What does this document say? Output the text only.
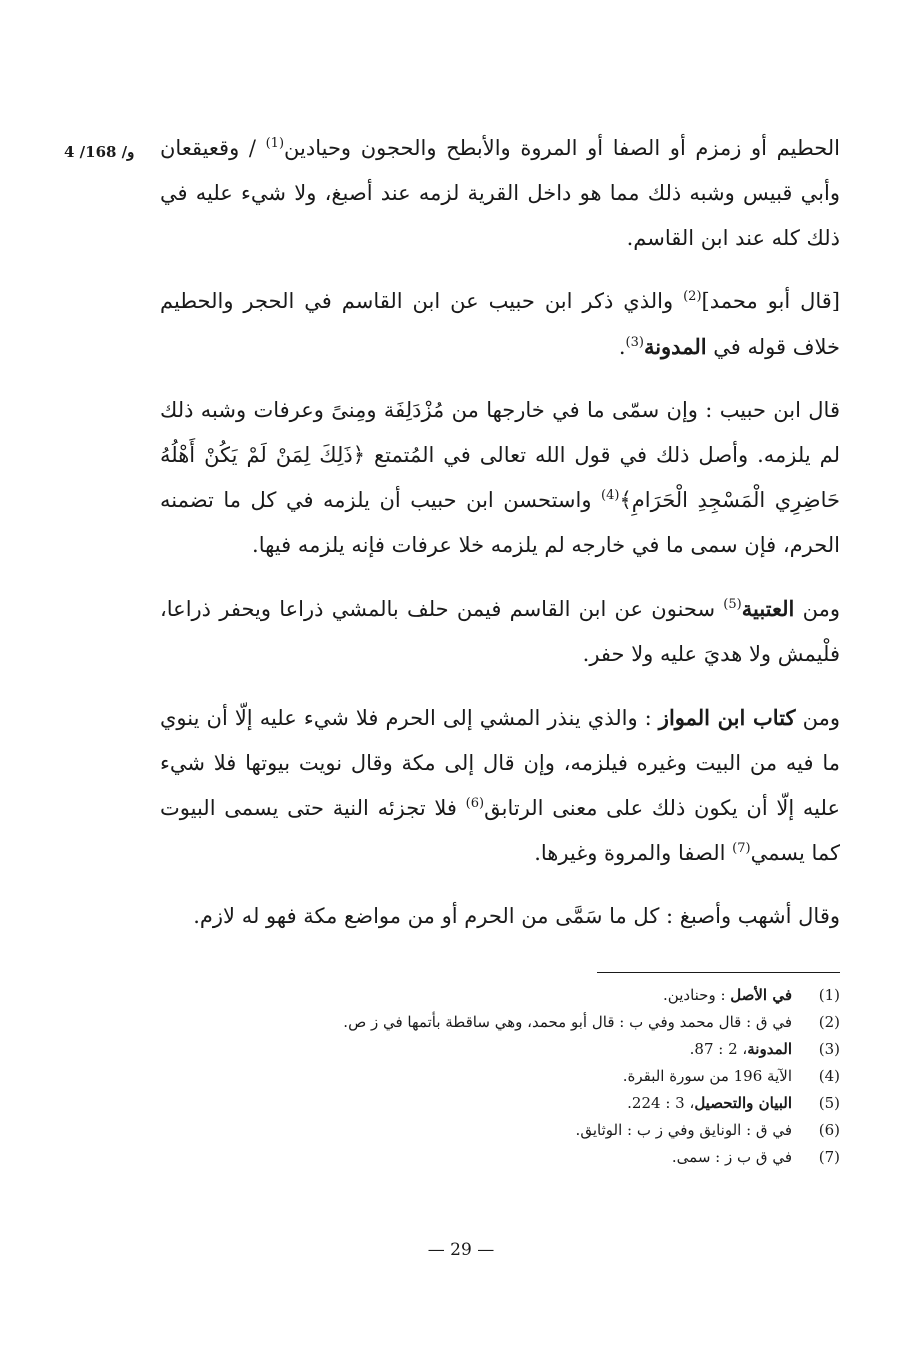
4 /168 /و	الحطيم أو زمزم أو الصفا أو المروة والأبطح والحجون وحيادين$^{(1)}$ / وقعيقعان وأبي قبيس وشبه ذلك مما هو داخل القرية لزمه عند أصبغ، ولا شيء عليه في ذلك كله عند ابن القاسم.

[قال أبو محمد]$^{(2)}$ والذي ذكر ابن حبيب عن ابن القاسم في الحجر والحطيم خلاف قوله في المدونة$^{(3)}$.

قال ابن حبيب : وإن سمّى ما في خارجها من مُزْدَلِفَة ومِنىً وعرفات وشبه ذلك لم يلزمه. وأصل ذلك في قول الله تعالى في المُتمتع ﴿ذَلِكَ لِمَنْ لَمْ يَكُنْ أَهْلُهُ حَاضِرِي الْمَسْجِدِ الْحَرَامِ﴾$^{(4)}$ واستحسن ابن حبيب أن يلزمه في كل ما تضمنه الحرم، فإن سمى ما في خارجه لم يلزمه خلا عرفات فإنه يلزمه فيها.

ومن العتبية$^{(5)}$ سحنون عن ابن القاسم فيمن حلف بالمشي ذراعا ويحفر ذراعا، فلْيمش ولا هديَ عليه ولا حفر.

ومن كتاب ابن المواز : والذي ينذر المشي إلى الحرم فلا شيء عليه إلّا أن ينوي ما فيه من البيت وغيره فيلزمه، وإن قال إلى مكة وقال نويت بيوتها فلا شيء عليه إلّا أن يكون ذلك على معنى الرتابق$^{(6)}$ فلا تجزئه النية حتى يسمى البيوت كما يسمي$^{(7)}$ الصفا والمروة وغيرها.

وقال أشهب وأصبغ : كل ما سَمَّى من الحرم أو من مواضع مكة فهو له لازم.

(1)
في الأصل : وحنادين.
(2)
في ق : قال محمد وفي ب : قال أبو محمد، وهي ساقطة بأتمها في ز ص.
(3)
المدونة، 2 : 87.
(4)
الآية 196 من سورة البقرة.
(5)
البيان والتحصيل، 3 : 224.
(6)
في ق : الونايق وفي ز ب : الوثايق.
(7)
في ق ب ز : سمى.
— 29 —
